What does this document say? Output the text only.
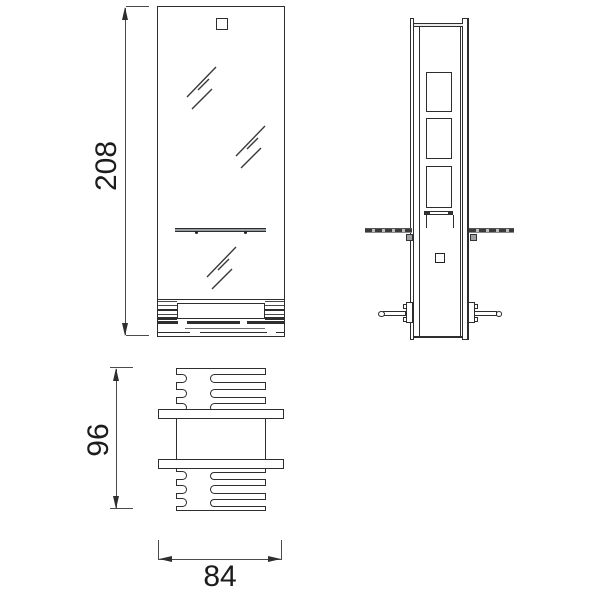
208
96
84
